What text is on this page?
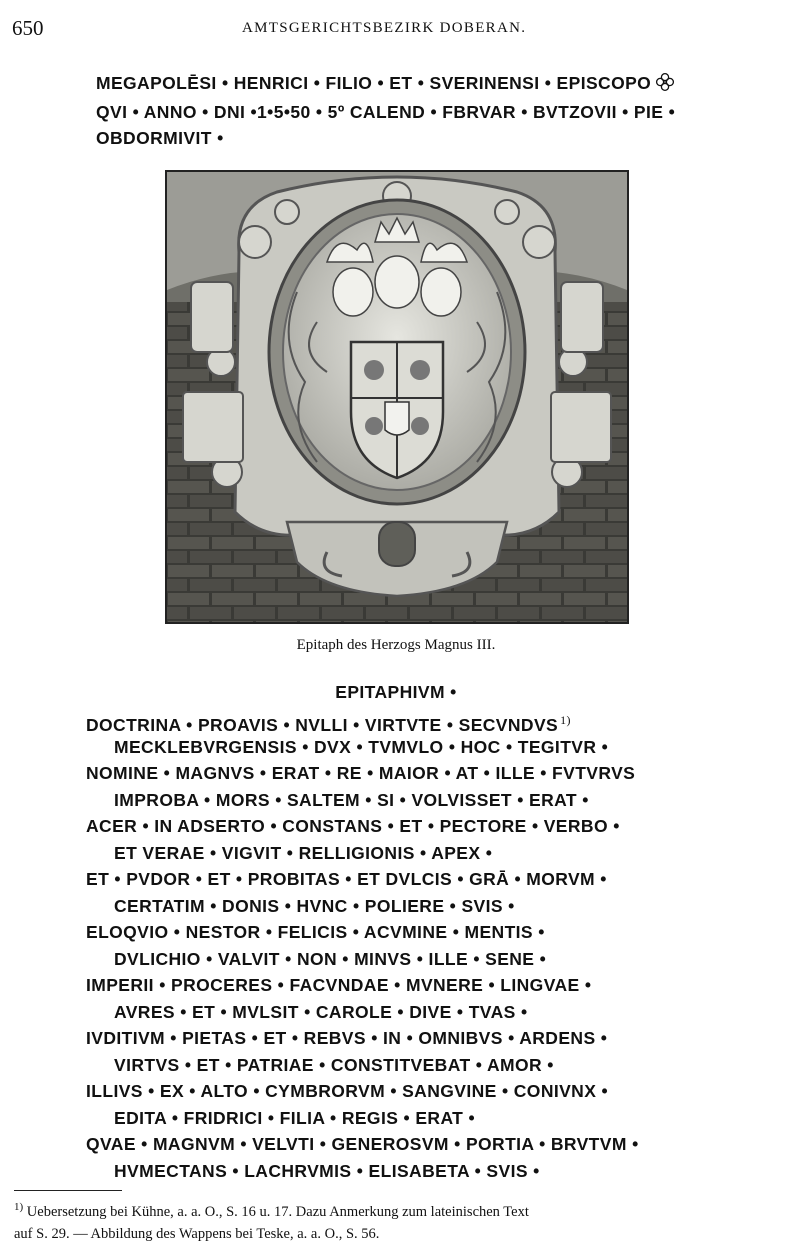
650	AMTSGERICHTSBEZIRK DOBERAN.
MEGAPOLĒSI • HENRICI • FILIO • ET • SVERINENSI • EPISCOPO
QVI • ANNO • DNI •1•5•50 • 5º CALEND • FBRVAR • BVTZOVII • PIE •
OBDORMIVIT •
Epitaph des Herzogs Magnus III.
EPITAPHIVM •
DOCTRINA • PROAVIS • NVLLI • VIRTVTE • SECVNDVS $^{1)}$
MECKLEBVRGENSIS • DVX • TVMVLO • HOC • TEGITVR •
NOMINE • MAGNVS • ERAT • RE • MAIOR • AT • ILLE • FVTVRVS
IMPROBA • MORS • SALTEM • SI • VOLVISSET • ERAT •
ACER • IN ADSERTO • CONSTANS • ET • PECTORE • VERBO •
ET VERAE • VIGVIT • RELLIGIONIS • APEX •
ET • PVDOR • ET • PROBITAS • ET DVLCIS • GRĀ • MORVM •
CERTATIM • DONIS • HVNC • POLIERE • SVIS •
ELOQVIO • NESTOR • FELICIS • ACVMINE • MENTIS •
DVLICHIO • VALVIT • NON • MINVS • ILLE • SENE •
IMPERII • PROCERES • FACVNDAE • MVNERE • LINGVAE •
AVRES • ET • MVLSIT • CAROLE • DIVE • TVAS •
IVDITIVM • PIETAS • ET • REBVS • IN • OMNIBVS • ARDENS •
VIRTVS • ET • PATRIAE • CONSTITVEBAT • AMOR •
ILLIVS • EX • ALTO • CYMBRORVM • SANGVINE • CONIVNX •
EDITA • FRIDRICI • FILIA • REGIS • ERAT •
QVAE • MAGNVM • VELVTI • GENEROSVM • PORTIA • BRVTVM •
HVMECTANS • LACHRVMIS • ELISABETA • SVIS •
$^{1)}$ Uebersetzung bei Kühne, a. a. O., S. 16 u. 17. Dazu Anmerkung zum lateinischen Text
auf S. 29. — Abbildung des Wappens bei Teske, a. a. O., S. 56.
